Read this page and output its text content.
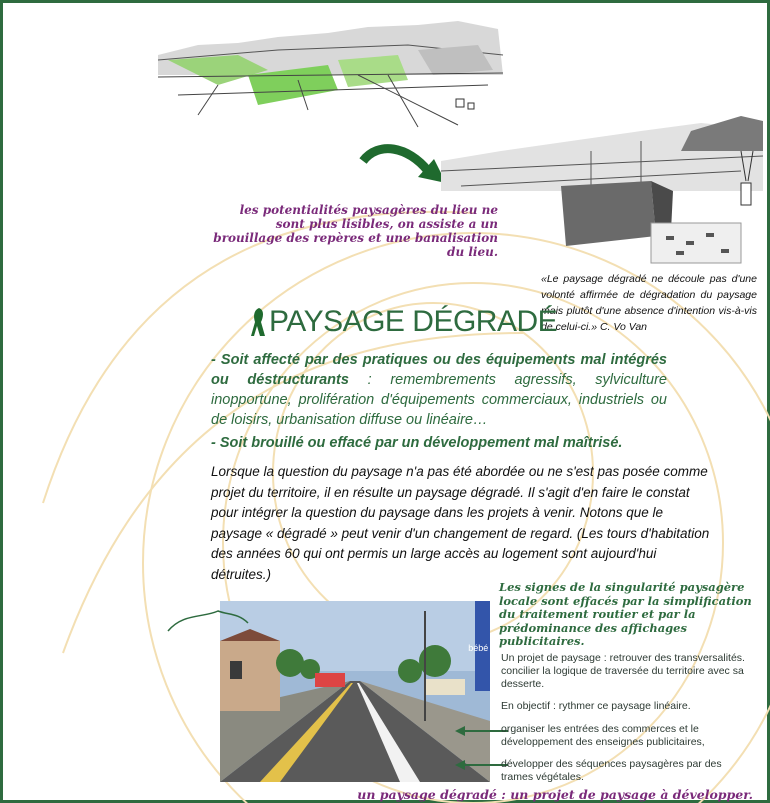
les potentialités paysagères du lieu ne sont plus lisibles, on assiste a un brouillage des repères et une banalisation du lieu.
«Le paysage dégradé ne découle pas d'une volonté affirmée de dégradation du paysage mais plutôt d'une absence d'intention vis-à-vis de celui-ci.» C. Vo Van
PAYSAGE DÉGRADÉ
- Soit affecté par des pratiques ou des équipements mal intégrés ou déstructurants : remembrements agressifs, sylviculture inopportune, prolifération d'équipements commerciaux, industriels ou de loisirs, urbanisation diffuse ou linéaire…
- Soit brouillé ou effacé par un développement mal maîtrisé.
Lorsque la question du paysage n'a pas été abordée ou ne s'est pas posée comme projet du territoire, il en résulte un paysage dégradé. Il s'agit d'en faire le constat pour intégrer la question du paysage dans les projets à venir. Notons que le paysage « dégradé » peut venir d'un changement de regard. (Les tours d'habitation des années 60 qui ont permis un large accès au logement sont aujourd'hui détruites.)
Les signes de la singularité paysagère locale sont effacés par la simplification du traitement routier et par la prédominance des affichages publicitaires.
bébé 9
Un projet de paysage : retrouver des transversalités. concilier la logique de traversée du territoire avec sa desserte.
En objectif : rythmer ce paysage linéaire.
organiser les entrées des commerces et le développement des enseignes publicitaires,
développer des séquences paysagères par des trames végétales.
un paysage dégradé : un projet de paysage à développer.
